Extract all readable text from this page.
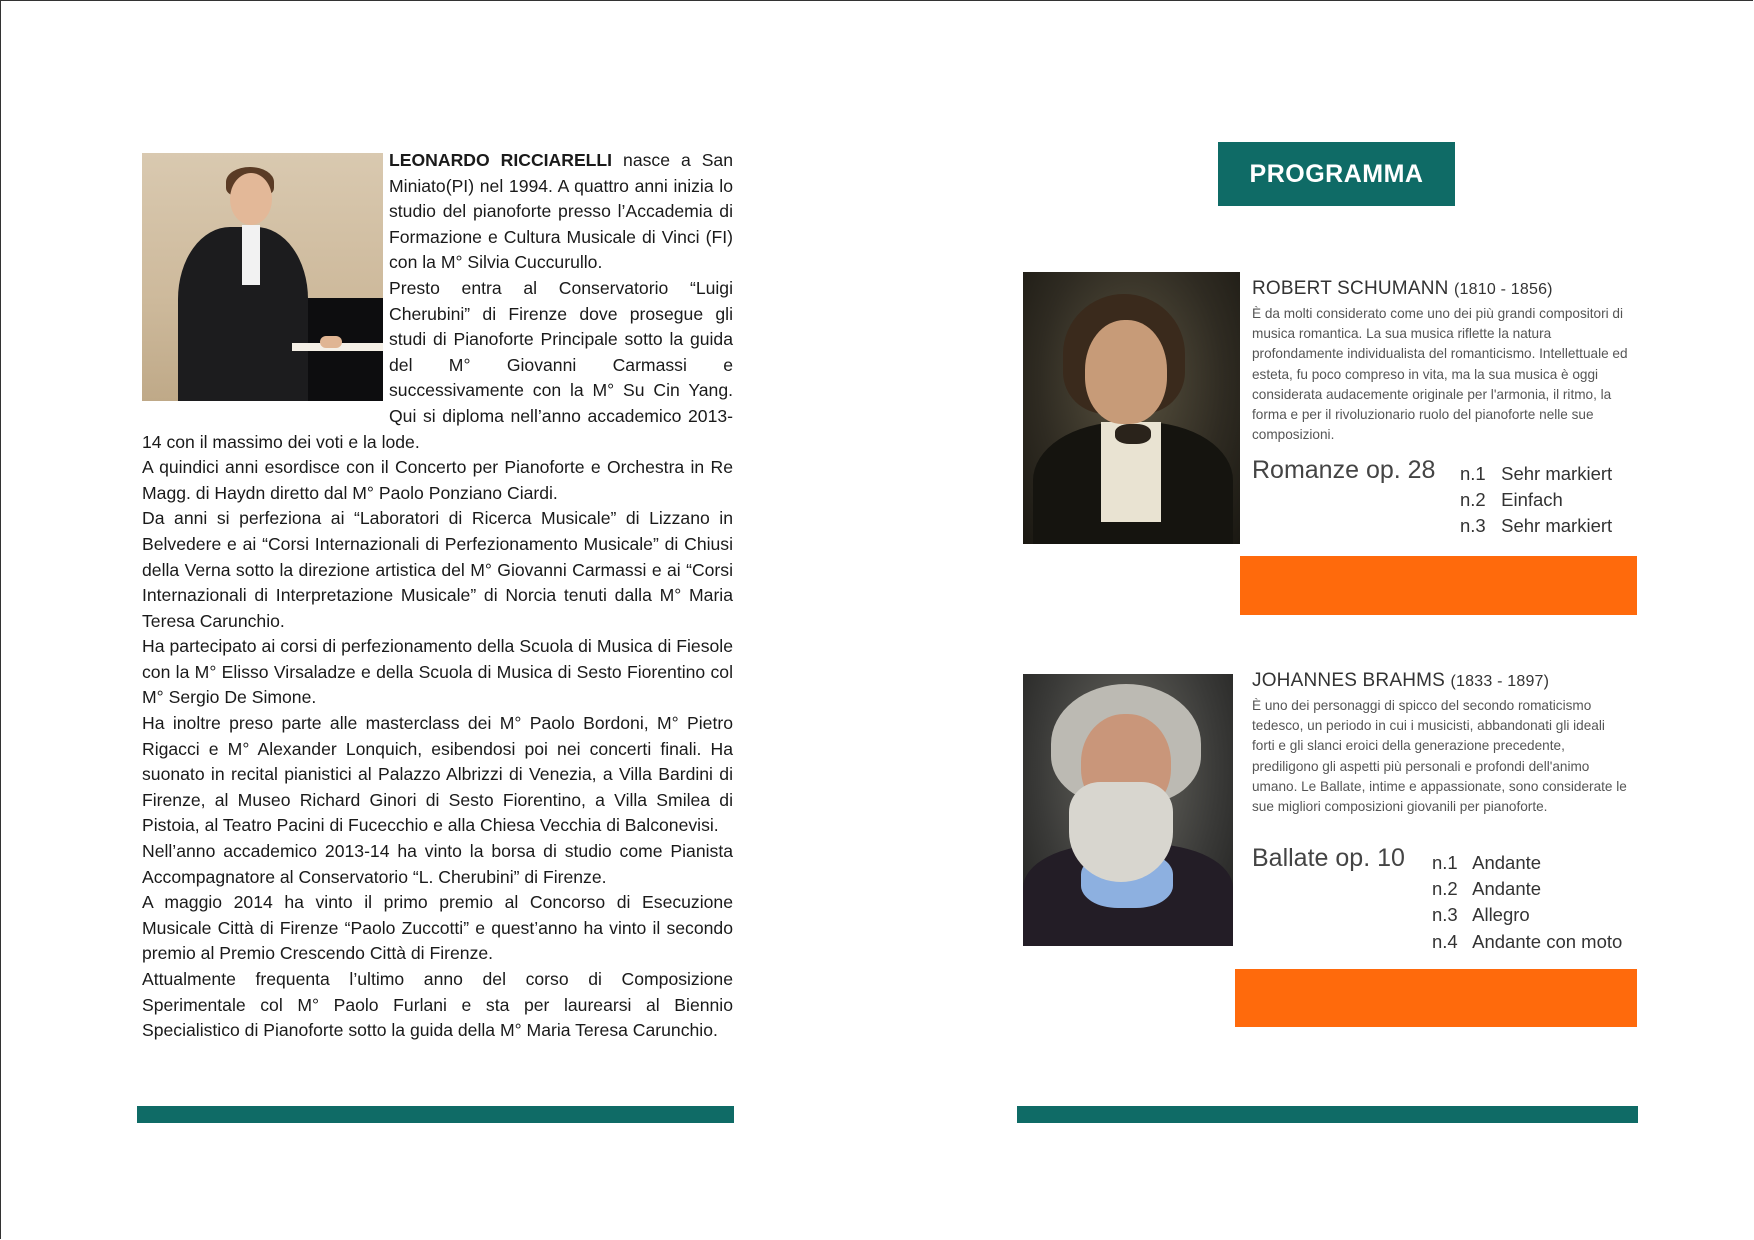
LEONARDO RICCIARELLI nasce a San Miniato(PI) nel 1994. A quattro anni inizia lo studio del pianoforte presso l’Accademia di Formazione e Cultura Musicale di Vinci (FI) con la M° Silvia Cuccurullo.

Presto entra al Conservatorio “Luigi Cherubini” di Firenze dove prosegue gli studi di Pianoforte Principale sotto la guida del M° Giovanni Carmassi e successivamente con la M° Su Cin Yang. Qui si diploma nell’anno accademico 2013-14 con il massimo dei voti e la lode.

A quindici anni esordisce con il Concerto per Pianoforte e Orchestra in Re Magg. di Haydn diretto dal M° Paolo Ponziano Ciardi.

Da anni si perfeziona ai “Laboratori di Ricerca Musicale” di Lizzano in Belvedere e ai “Corsi Internazionali di Perfezionamento Musicale” di Chiusi della Verna sotto la direzione artistica del M° Giovanni Carmassi e ai “Corsi Internazionali di Interpretazione Musicale” di Norcia tenuti dalla M° Maria Teresa Carunchio.

Ha partecipato ai corsi di perfezionamento della Scuola di Musica di Fiesole con la M° Elisso Virsaladze e della Scuola di Musica di Sesto Fiorentino col M° Sergio De Simone.

Ha inoltre preso parte alle masterclass dei M° Paolo Bordoni, M° Pietro Rigacci e M° Alexander Lonquich, esibendosi poi nei concerti finali. Ha suonato in recital pianistici al Palazzo Albrizzi di Venezia, a Villa Bardini di Firenze, al Museo Richard Ginori di Sesto Fiorentino, a Villa Smilea di Pistoia, al Teatro Pacini di Fucecchio e alla Chiesa Vecchia di Balconevisi.

Nell’anno accademico 2013-14 ha vinto la borsa di studio come Pianista Accompagnatore al Conservatorio “L. Cherubini” di Firenze.

A maggio 2014 ha vinto il primo premio al Concorso di Esecuzione Musicale Città di Firenze “Paolo Zuccotti” e quest’anno ha vinto il secondo premio al Premio Crescendo Città di Firenze.

Attualmente frequenta l’ultimo anno del corso di Composizione Sperimentale col M° Paolo Furlani e sta per laurearsi al Biennio Specialistico di Pianoforte sotto la guida della M° Maria Teresa Carunchio.

PROGRAMMA
ROBERT SCHUMANN (1810 - 1856)
È da molti considerato come uno dei più grandi compositori di musica romantica. La sua musica riflette la natura profondamente individualista del romanticismo. Intellettuale ed esteta, fu poco compreso in vita, ma la sua musica è oggi considerata audacemente originale per l'armonia, il ritmo, la forma e per il rivoluzionario ruolo del pianoforte nelle sue composizioni.
Romanze op. 28 n.1 Sehr markiert
n.2 Einfach
n.3 Sehr markiert
JOHANNES BRAHMS (1833 - 1897)
È uno dei personaggi di spicco del secondo romaticismo tedesco, un periodo in cui i musicisti, abbandonati gli ideali forti e gli slanci eroici della generazione precedente, prediligono gli aspetti più personali e profondi dell'animo umano. Le Ballate, intime e appassionate, sono considerate le sue migliori composizioni giovanili per pianoforte.
Ballate op. 10 n.1 Andante
n.2 Andante
n.3 Allegro
n.4 Andante con moto
